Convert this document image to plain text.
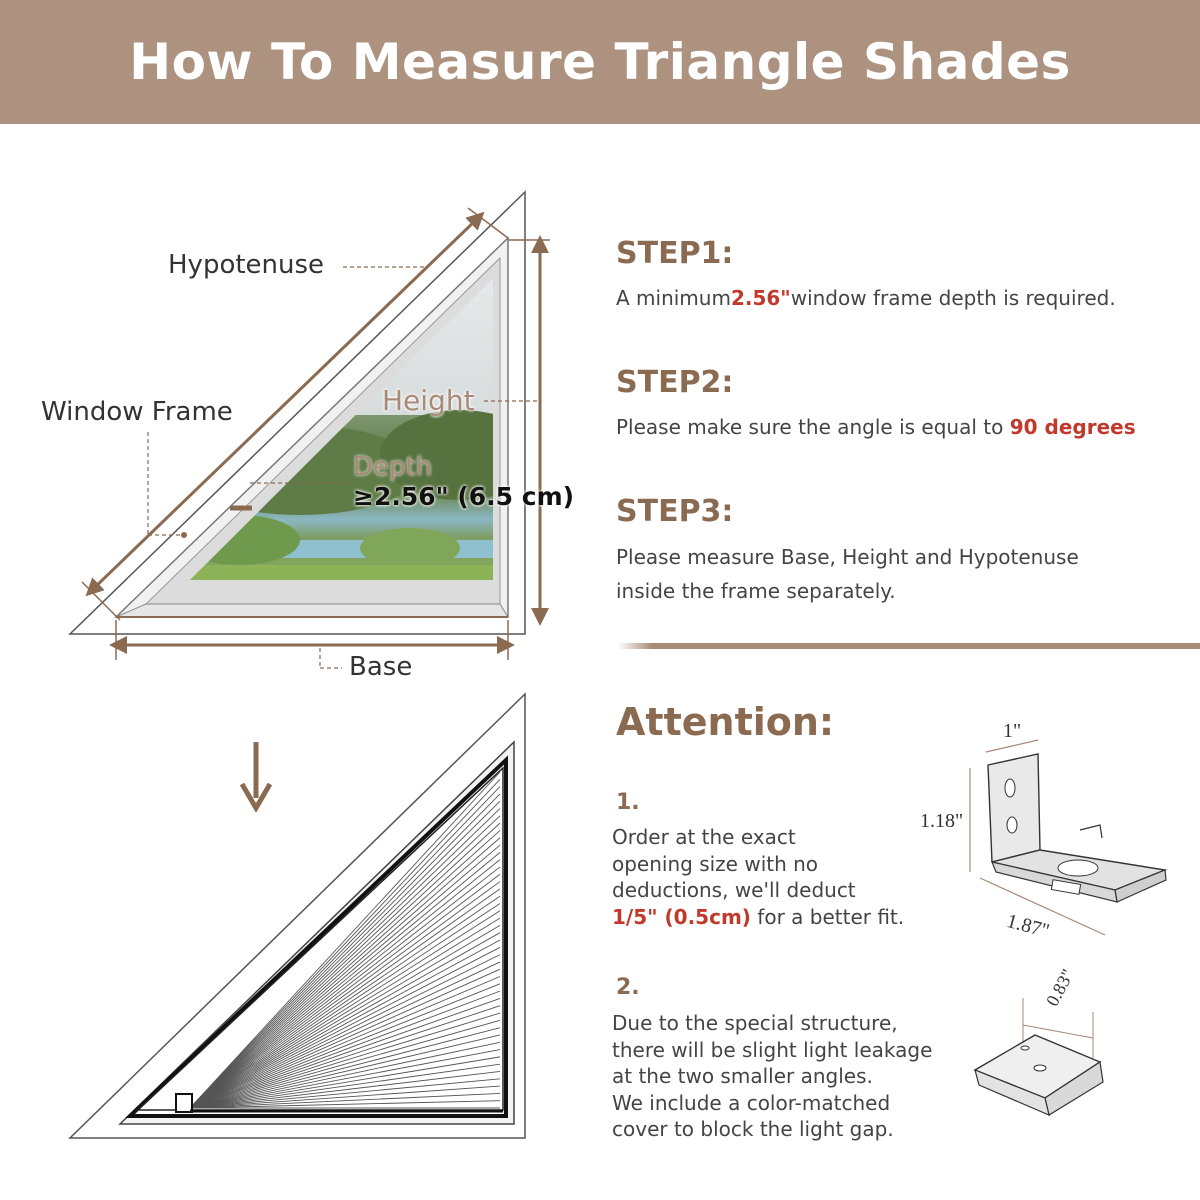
How To Measure Triangle Shades
Hypotenuse
Window Frame	Height
Depth
≥2.56" (6.5 cm)
Base
STEP1:
A minimum2.56"window frame depth is required.
STEP2:
Please make sure the angle is equal to 90 degrees
STEP3:
Please measure Base, Height and Hypotenuse
inside the frame separately.
Attention:
1.
Order at the exact
opening size with no
deductions, we'll deduct
1/5" (0.5cm) for a better fit.
2.
Due to the special structure,
there will be slight light leakage
at the two smaller angles.
We include a color-matched
cover to block the light gap.
1"
1.18"
1.87"
0.83"
